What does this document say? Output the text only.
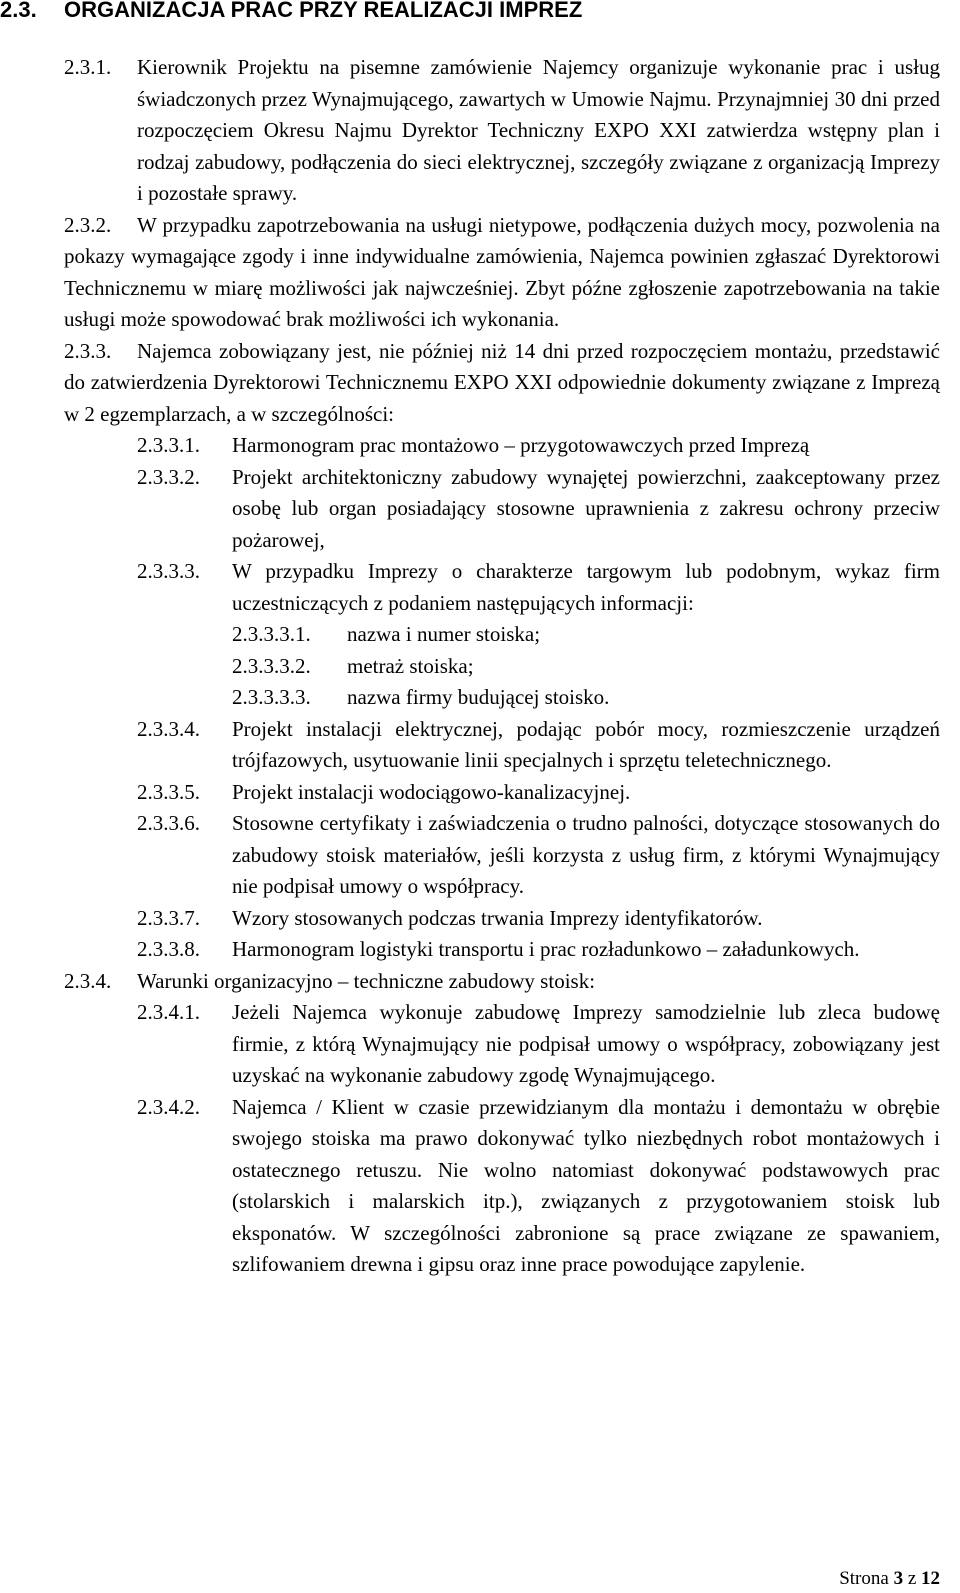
2.3. ORGANIZACJA PRAC PRZY REALIZACJI IMPREZ
2.3.1. Kierownik Projektu na pisemne zamówienie Najemcy organizuje wykonanie prac i usług świadczonych przez Wynajmującego, zawartych w Umowie Najmu. Przynajmniej 30 dni przed rozpoczęciem Okresu Najmu Dyrektor Techniczny EXPO XXI zatwierdza wstępny plan i rodzaj zabudowy, podłączenia do sieci elektrycznej, szczegóły związane z organizacją Imprezy i pozostałe sprawy.
2.3.2. W przypadku zapotrzebowania na usługi nietypowe, podłączenia dużych mocy, pozwolenia na pokazy wymagające zgody i inne indywidualne zamówienia, Najemca powinien zgłaszać Dyrektorowi Technicznemu w miarę możliwości jak najwcześniej. Zbyt późne zgłoszenie zapotrzebowania na takie usługi może spowodować brak możliwości ich wykonania.
2.3.3. Najemca zobowiązany jest, nie później niż 14 dni przed rozpoczęciem montażu, przedstawić do zatwierdzenia Dyrektorowi Technicznemu EXPO XXI odpowiednie dokumenty związane z Imprezą w 2 egzemplarzach, a w szczególności:
2.3.3.1. Harmonogram prac montażowo – przygotowawczych przed Imprezą
2.3.3.2. Projekt architektoniczny zabudowy wynajętej powierzchni, zaakceptowany przez osobę lub organ posiadający stosowne uprawnienia z zakresu ochrony przeciw pożarowej,
2.3.3.3. W przypadku Imprezy o charakterze targowym lub podobnym, wykaz firm uczestniczących z podaniem następujących informacji:
2.3.3.3.1. nazwa i numer stoiska;
2.3.3.3.2. metraż stoiska;
2.3.3.3.3. nazwa firmy budującej stoisko.
2.3.3.4. Projekt instalacji elektrycznej, podając pobór mocy, rozmieszczenie urządzeń trójfazowych, usytuowanie linii specjalnych i sprzętu teletechnicznego.
2.3.3.5. Projekt instalacji wodociągowo-kanalizacyjnej.
2.3.3.6. Stosowne certyfikaty i zaświadczenia o trudno palności, dotyczące stosowanych do zabudowy stoisk materiałów, jeśli korzysta z usług firm, z którymi Wynajmujący nie podpisał umowy o współpracy.
2.3.3.7. Wzory stosowanych podczas trwania Imprezy identyfikatorów.
2.3.3.8. Harmonogram logistyki transportu i prac rozładunkowo – załadunkowych.
2.3.4. Warunki organizacyjno – techniczne zabudowy stoisk:
2.3.4.1. Jeżeli Najemca wykonuje zabudowę Imprezy samodzielnie lub zleca budowę firmie, z którą Wynajmujący nie podpisał umowy o współpracy, zobowiązany jest uzyskać na wykonanie zabudowy zgodę Wynajmującego.
2.3.4.2. Najemca / Klient w czasie przewidzianym dla montażu i demontażu w obrębie swojego stoiska ma prawo dokonywać tylko niezbędnych robot montażowych i ostatecznego retuszu. Nie wolno natomiast dokonywać podstawowych prac (stolarskich i malarskich itp.), związanych z przygotowaniem stoisk lub eksponatów. W szczególności zabronione są prace związane ze spawaniem, szlifowaniem drewna i gipsu oraz inne prace powodujące zapylenie.
Strona 3 z 12
